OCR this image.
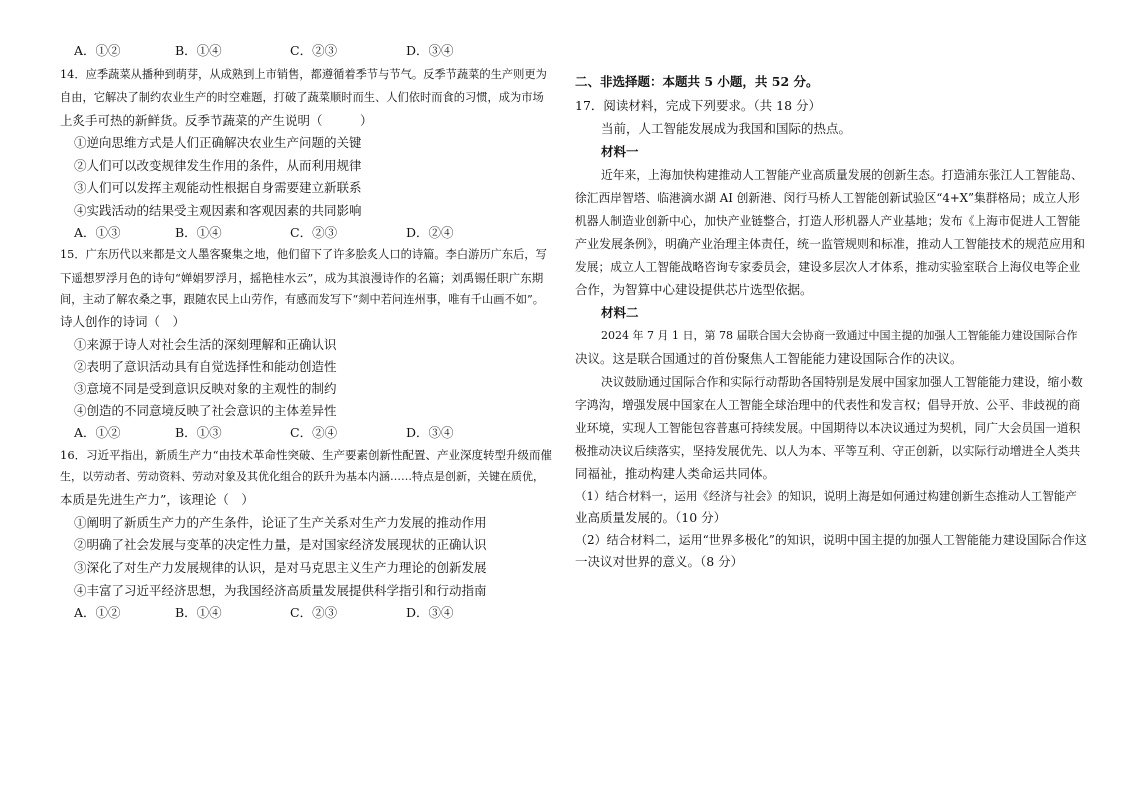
A．①②	B．①④	C．②③	D．③④
14．应季蔬菜从播种到萌芽，从成熟到上市销售，都遵循着季节与节气。反季节蔬菜的生产则更为
自由，它解决了制约农业生产的时空难题，打破了蔬菜顺时而生、人们依时而食的习惯，成为市场
上炙手可热的新鲜货。反季节蔬菜的产生说明（　　　）
①逆向思维方式是人们正确解决农业生产问题的关键
②人们可以改变规律发生作用的条件，从而利用规律
③人们可以发挥主观能动性根据自身需要建立新联系
④实践活动的结果受主观因素和客观因素的共同影响
A．①③	B．①④	C．②③	D．②④
15．广东历代以来都是文人墨客聚集之地，他们留下了许多脍炙人口的诗篇。李白游历广东后，写
下遥想罗浮月色的诗句“婵娟罗浮月，摇艳桂水云”，成为其浪漫诗作的名篇；刘禹锡任职广东期
间，主动了解农桑之事，跟随农民上山劳作，有感而发写下“剡中若问连州事，唯有千山画不如”。
诗人创作的诗词（　）
①来源于诗人对社会生活的深刻理解和正确认识
②表明了意识活动具有自觉选择性和能动创造性
③意境不同是受到意识反映对象的主观性的制约
④创造的不同意境反映了社会意识的主体差异性
A．①②	B．①③	C．②④	D．③④
16．习近平指出，新质生产力“由技术革命性突破、生产要素创新性配置、产业深度转型升级而催
生，以劳动者、劳动资料、劳动对象及其优化组合的跃升为基本内涵……特点是创新，关键在质优，
本质是先进生产力”，该理论（　）
①阐明了新质生产力的产生条件，论证了生产关系对生产力发展的推动作用
②明确了社会发展与变革的决定性力量，是对国家经济发展现状的正确认识
③深化了对生产力发展规律的认识，是对马克思主义生产力理论的创新发展
④丰富了习近平经济思想，为我国经济高质量发展提供科学指引和行动指南
A．①②	B．①④	C．②③	D．③④
二、非选择题：本题共 5 小题，共 52 分。
17．阅读材料，完成下列要求。（共 18 分）
当前，人工智能发展成为我国和国际的热点。
材料一
近年来，上海加快构建推动人工智能产业高质量发展的创新生态。打造浦东张江人工智能岛、
徐汇西岸智塔、临港滴水湖 AI 创新港、闵行马桥人工智能创新试验区“4+X”集群格局；成立人形
机器人制造业创新中心，加快产业链整合，打造人形机器人产业基地；发布《上海市促进人工智能
产业发展条例》，明确产业治理主体责任，统一监管规则和标准，推动人工智能技术的规范应用和
发展；成立人工智能战略咨询专家委员会，建设多层次人才体系，推动实验室联合上海仪电等企业
合作，为智算中心建设提供芯片选型依据。
材料二
2024 年 7 月 1 日，第 78 届联合国大会协商一致通过中国主提的加强人工智能能力建设国际合作
决议。这是联合国通过的首份聚焦人工智能能力建设国际合作的决议。
决议鼓励通过国际合作和实际行动帮助各国特别是发展中国家加强人工智能能力建设，缩小数
字鸿沟，增强发展中国家在人工智能全球治理中的代表性和发言权；倡导开放、公平、非歧视的商
业环境，实现人工智能包容普惠可持续发展。中国期待以本决议通过为契机，同广大会员国一道积
极推动决议后续落实，坚持发展优先、以人为本、平等互利、守正创新，以实际行动增进全人类共
同福祉，推动构建人类命运共同体。
（1）结合材料一，运用《经济与社会》的知识，说明上海是如何通过构建创新生态推动人工智能产
业高质量发展的。（10 分）
（2）结合材料二，运用“世界多极化”的知识，说明中国主提的加强人工智能能力建设国际合作这
一决议对世界的意义。（8 分）
